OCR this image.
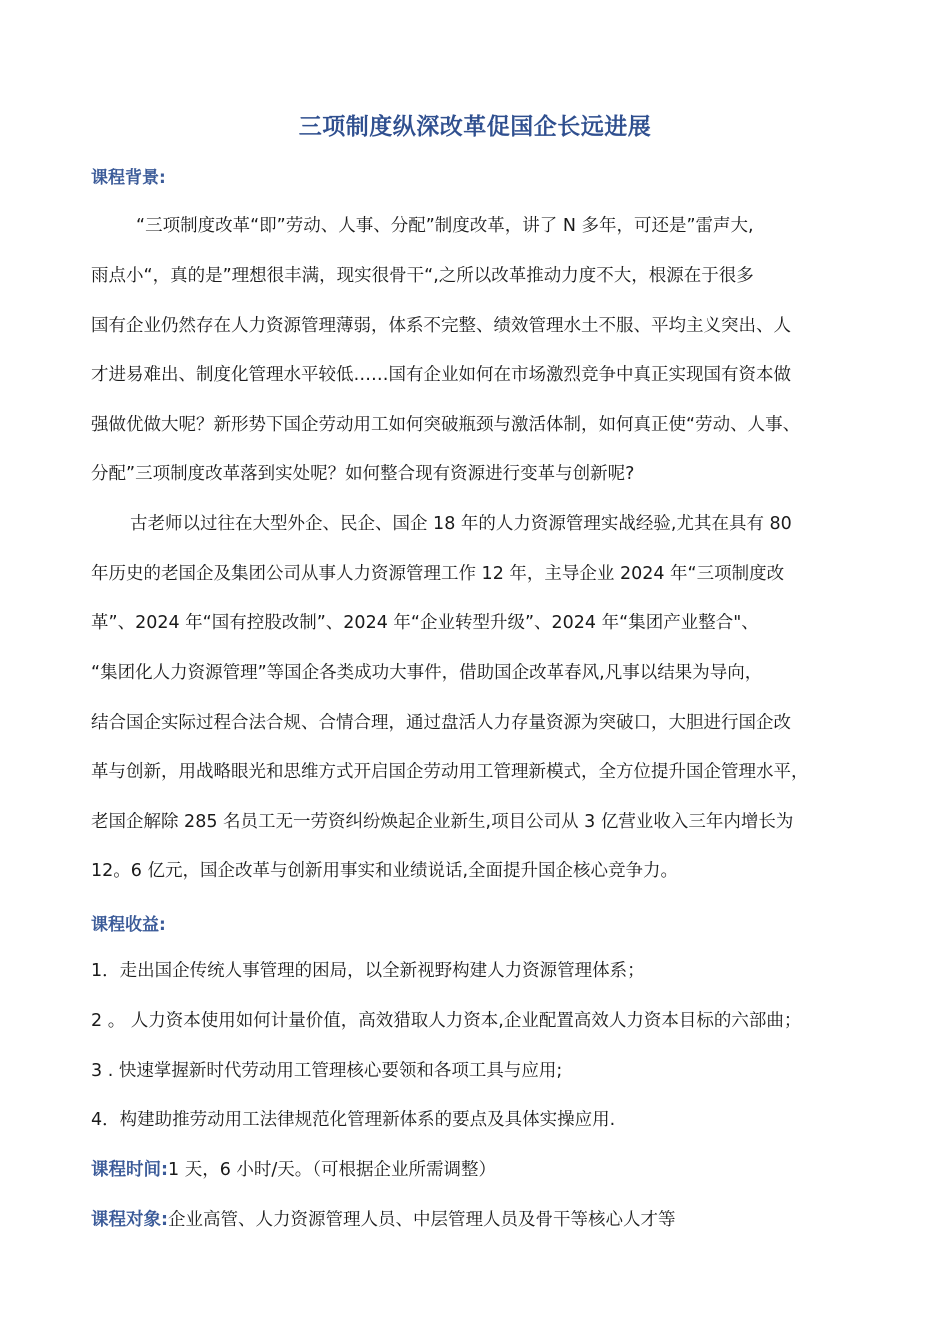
三项制度纵深改革促国企长远进展
课程背景:
“三项制度改革“即”劳动、人事、分配”制度改革，讲了 N 多年，可还是”雷声大,
雨点小“，真的是”理想很丰满，现实很骨干“,之所以改革推动力度不大，根源在于很多
国有企业仍然存在人力资源管理薄弱，体系不完整、绩效管理水土不服、平均主义突出、人
才进易难出、制度化管理水平较低……国有企业如何在市场激烈竞争中真正实现国有资本做
强做优做大呢？新形势下国企劳动用工如何突破瓶颈与激活体制，如何真正使“劳动、人事、
分配”三项制度改革落到实处呢？如何整合现有资源进行变革与创新呢?
古老师以过往在大型外企、民企、国企 18 年的人力资源管理实战经验,尤其在具有 80
年历史的老国企及集团公司从事人力资源管理工作 12 年，主导企业 2024 年“三项制度改
革”、2024 年“国有控股改制”、2024 年“企业转型升级”、2024 年“集团产业整合"、
“集团化人力资源管理”等国企各类成功大事件，借助国企改革春风,凡事以结果为导向，
结合国企实际过程合法合规、合情合理，通过盘活人力存量资源为突破口，大胆进行国企改
革与创新，用战略眼光和思维方式开启国企劳动用工管理新模式，全方位提升国企管理水平，
老国企解除 285 名员工无一劳资纠纷焕起企业新生,项目公司从 3 亿营业收入三年内增长为
12。6 亿元，国企改革与创新用事实和业绩说话,全面提升国企核心竞争力。
课程收益:
1．走出国企传统人事管理的困局，以全新视野构建人力资源管理体系；
2 。 人力资本使用如何计量价值，高效猎取人力资本,企业配置高效人力资本目标的六部曲；
3 . 快速掌握新时代劳动用工管理核心要领和各项工具与应用;
4．构建助推劳动用工法律规范化管理新体系的要点及具体实操应用.
课程时间:1 天，6 小时/天。（可根据企业所需调整）
课程对象:企业高管、人力资源管理人员、中层管理人员及骨干等核心人才等
